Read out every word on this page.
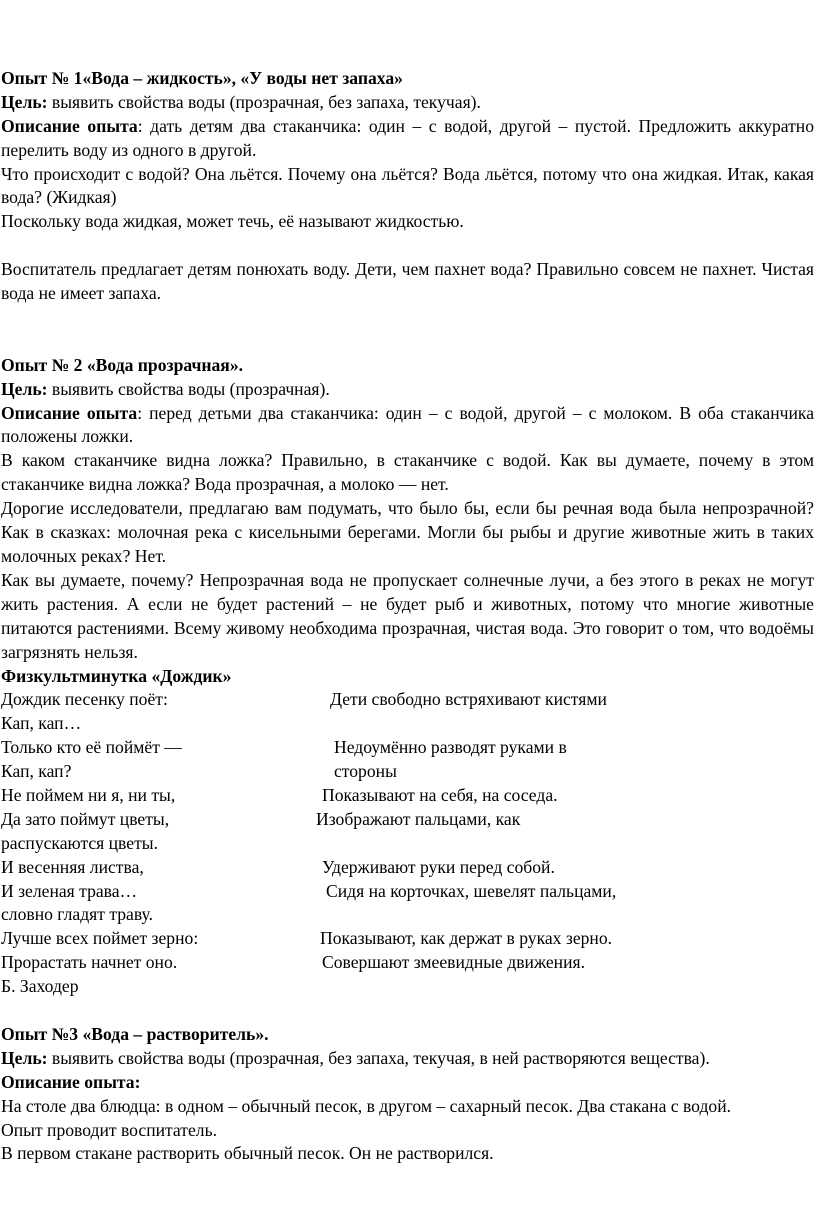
Опыт № 1«Вода – жидкость», «У воды нет запаха»
Цель: выявить свойства воды (прозрачная, без запаха, текучая).
Описание опыта: дать детям два стаканчика: один – с водой, другой – пустой. Предложить аккуратно перелить воду из одного в другой.
Что происходит с водой? Она льётся. Почему она льётся? Вода льётся, потому что она жидкая. Итак, какая вода? (Жидкая)
Поскольку вода жидкая, может течь, её называют жидкостью.
Воспитатель предлагает детям понюхать воду. Дети, чем пахнет вода? Правильно совсем не пахнет. Чистая вода не имеет запаха.
Опыт № 2 «Вода прозрачная».
Цель: выявить свойства воды (прозрачная).
Описание опыта: перед детьми два стаканчика: один – с водой, другой – с молоком. В оба стаканчика положены ложки.
В каком стаканчике видна ложка? Правильно, в стаканчике с водой. Как вы думаете, почему в этом стаканчике видна ложка? Вода прозрачная, а молоко — нет.
Дорогие исследователи, предлагаю вам подумать, что было бы, если бы речная вода была непрозрачной? Как в сказках: молочная река с кисельными берегами. Могли бы рыбы и другие животные жить в таких молочных реках? Нет.
Как вы думаете, почему? Непрозрачная вода не пропускает солнечные лучи, а без этого в реках не могут жить растения. А если не будет растений – не будет рыб и животных, потому что многие животные питаются растениями. Всему живому необходима прозрачная, чистая вода. Это говорит о том, что водоёмы загрязнять нельзя.
Физкультминутка «Дождик»
Дождик песенку поёт:	Дети свободно встряхивают кистями
Кап, кап…
Только кто её поймёт —	Недоумённо разводят руками в
Кап, кап?	стороны
Не поймем ни я, ни ты,	Показывают на себя, на соседа.
Да зато поймут цветы,	Изображают пальцами, как
распускаются цветы.
И весенняя листва,	Удерживают руки перед собой.
И зеленая трава…	Сидя на корточках, шевелят пальцами,
словно гладят траву.
Лучше всех поймет зерно:	Показывают, как держат в руках зерно.
Прорастать начнет оно.	Совершают змеевидные движения.
Б. Заходер
Опыт №3 «Вода – растворитель».
Цель: выявить свойства воды (прозрачная, без запаха, текучая, в ней растворяются вещества).
Описание опыта:
На столе два блюдца: в одном – обычный песок, в другом – сахарный песок. Два стакана с водой.
Опыт проводит воспитатель.
В первом стакане растворить обычный песок. Он не растворился.
